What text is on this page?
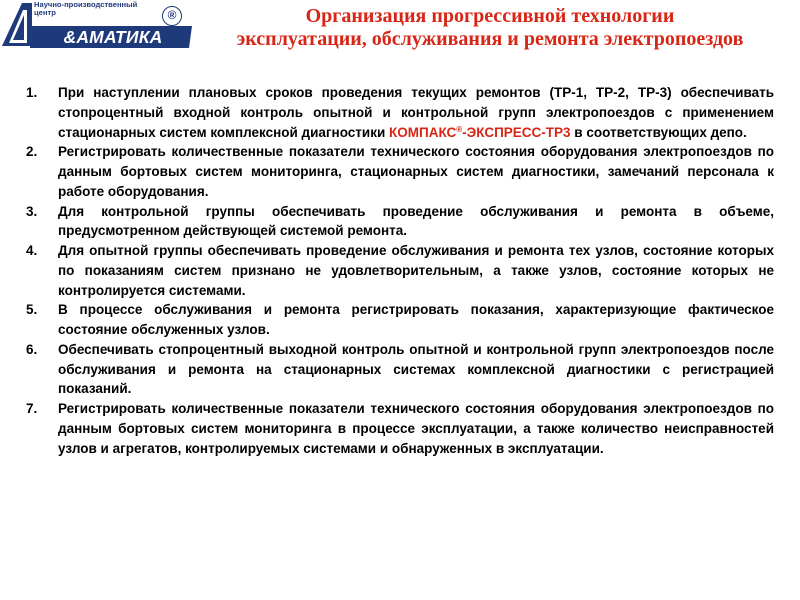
Научно-производственный центр	®
&АМАТИКА
Организация прогрессивной технологии
эксплуатации, обслуживания и ремонта электропоездов
1.	При наступлении плановых сроков проведения текущих ремонтов (ТР-1, ТР-2, ТР-3) обеспечивать стопроцентный входной контроль опытной и контрольной групп электропоездов с применением стационарных систем комплексной диагностики КОМПАКС®-ЭКСПРЕСС-ТР3 в соответствующих депо.
2.	Регистрировать количественные показатели технического состояния оборудования электропоездов по данным бортовых систем мониторинга, стационарных систем диагностики, замечаний персонала к работе оборудования.
3.	Для контрольной группы обеспечивать проведение обслуживания и ремонта в объеме, предусмотренном действующей системой ремонта.
4.	Для опытной группы обеспечивать проведение обслуживания и ремонта тех узлов, состояние которых по показаниям систем признано не удовлетворительным, а также узлов, состояние которых не контролируется системами.
5.	В процессе обслуживания и ремонта регистрировать показания, характеризующие фактическое состояние обслуженных узлов.
6.	Обеспечивать стопроцентный выходной контроль опытной и контрольной групп электропоездов после обслуживания и ремонта на стационарных системах комплексной диагностики с регистрацией показаний.
7.	Регистрировать количественные показатели технического состояния оборудования электропоездов по данным бортовых систем мониторинга в процессе эксплуатации, а также количество неисправностей узлов и агрегатов, контролируемых системами и обнаруженных в эксплуатации.
